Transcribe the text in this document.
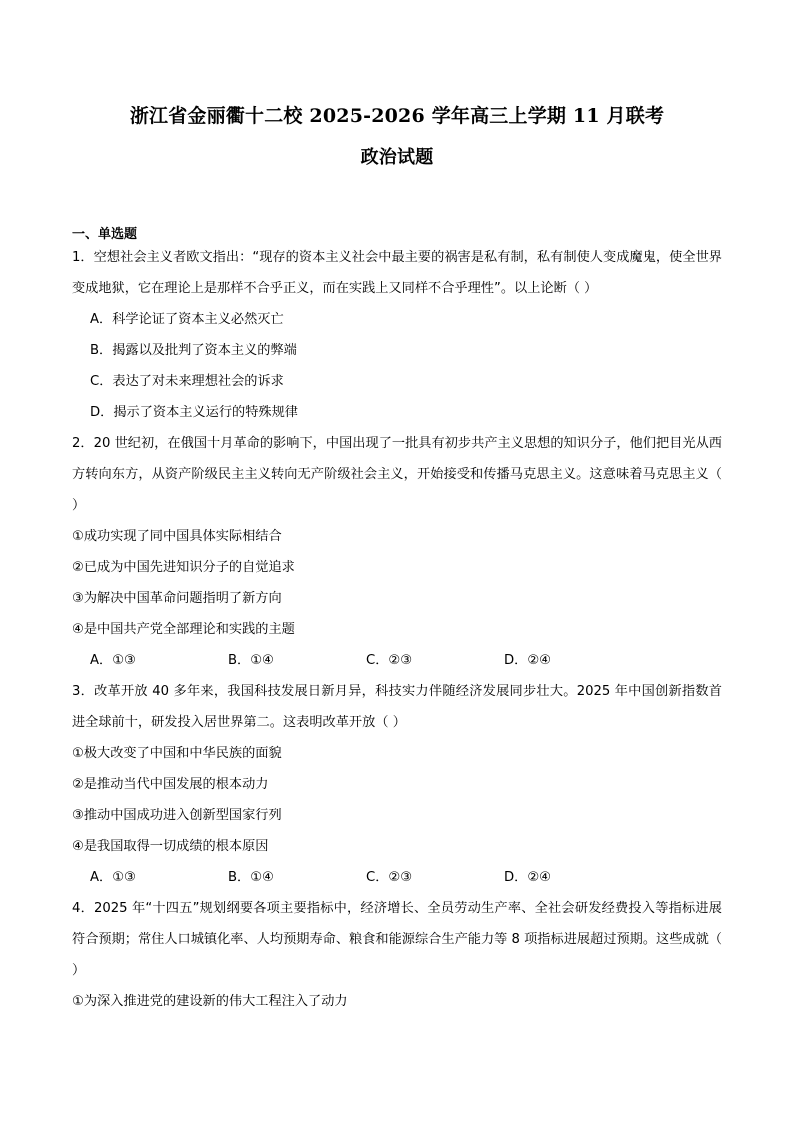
浙江省金丽衢十二校 2025-2026 学年高三上学期 11 月联考
政治试题
一、单选题

1．空想社会主义者欧文指出：“现存的资本主义社会中最主要的祸害是私有制，私有制使人变成魔鬼，使全世界变成地狱，它在理论上是那样不合乎正义，而在实践上又同样不合乎理性”。以上论断（ ）

A．科学论证了资本主义必然灭亡

B．揭露以及批判了资本主义的弊端

C．表达了对未来理想社会的诉求

D．揭示了资本主义运行的特殊规律

2．20 世纪初，在俄国十月革命的影响下，中国出现了一批具有初步共产主义思想的知识分子，他们把目光从西方转向东方，从资产阶级民主主义转向无产阶级社会主义，开始接受和传播马克思主义。这意味着马克思主义（ ）

①成功实现了同中国具体实际相结合

②已成为中国先进知识分子的自觉追求

③为解决中国革命问题指明了新方向

④是中国共产党全部理论和实践的主题

A．①③	B．①④	C．②③	D．②④

3．改革开放 40 多年来，我国科技发展日新月异，科技实力伴随经济发展同步壮大。2025 年中国创新指数首进全球前十，研发投入居世界第二。这表明改革开放（ ）

①极大改变了中国和中华民族的面貌

②是推动当代中国发展的根本动力

③推动中国成功进入创新型国家行列

④是我国取得一切成绩的根本原因

A．①③	B．①④	C．②③	D．②④

4．2025 年“十四五”规划纲要各项主要指标中，经济增长、全员劳动生产率、全社会研发经费投入等指标进展符合预期；常住人口城镇化率、人均预期寿命、粮食和能源综合生产能力等 8 项指标进展超过预期。这些成就（ ）

①为深入推进党的建设新的伟大工程注入了动力
